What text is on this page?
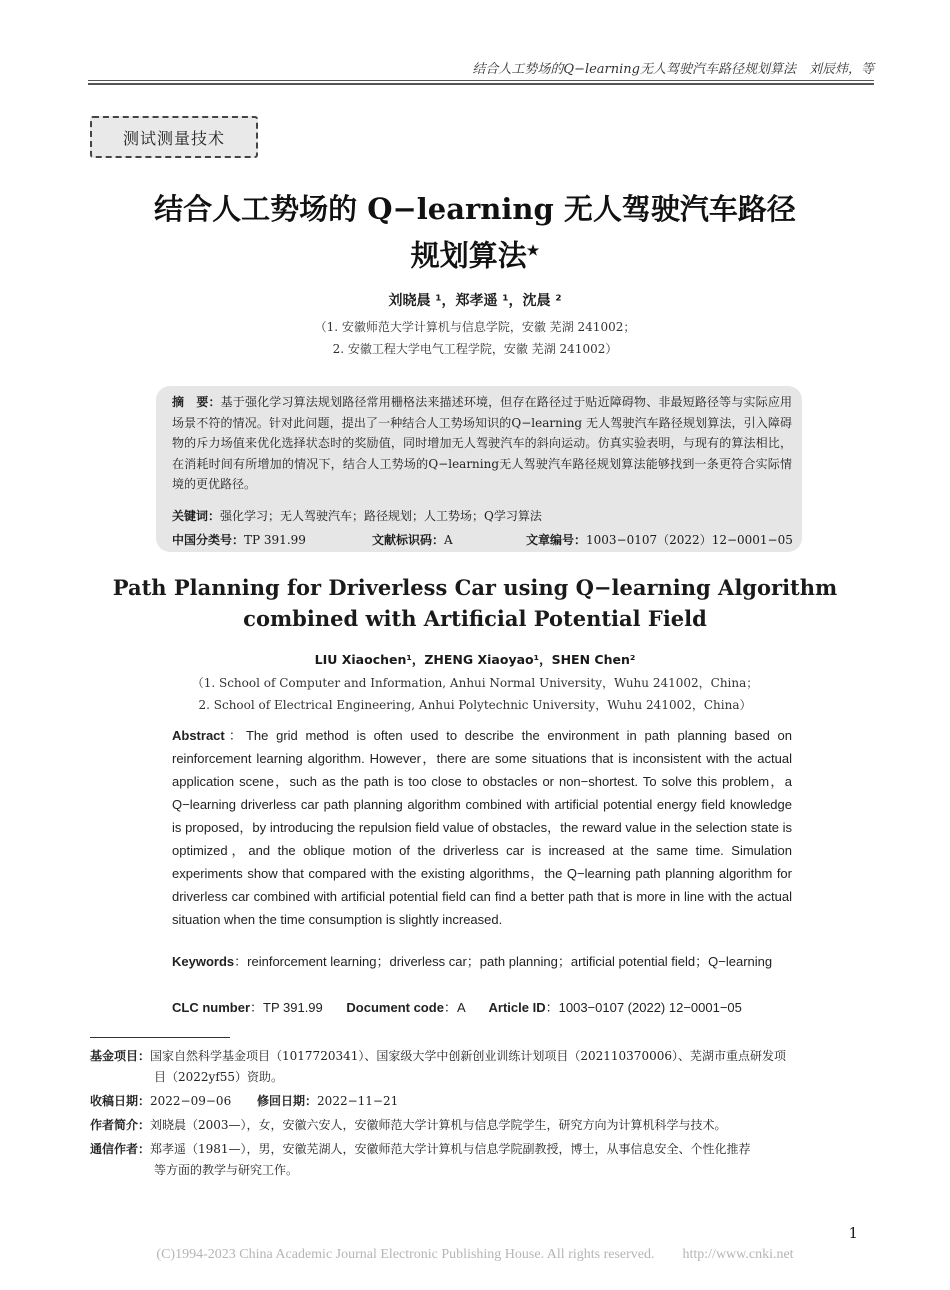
结合人工势场的Q−learning无人驾驶汽车路径规划算法　刘辰炜，等
测试测量技术
结合人工势场的 Q−learning 无人驾驶汽车路径
规划算法★
刘晓晨 ¹，郑孝遥 ¹，沈晨 ²
（1. 安徽师范大学计算机与信息学院，安徽 芜湖 241002；
2. 安徽工程大学电气工程学院，安徽 芜湖 241002）
摘　要：基于强化学习算法规划路径常用栅格法来描述环境，但存在路径过于贴近障碍物、非最短路径等与实际应用场景不符的情况。针对此问题，提出了一种结合人工势场知识的Q−learning 无人驾驶汽车路径规划算法，引入障碍物的斥力场值来优化选择状态时的奖励值，同时增加无人驾驶汽车的斜向运动。仿真实验表明，与现有的算法相比，在消耗时间有所增加的情况下，结合人工势场的Q−learning无人驾驶汽车路径规划算法能够找到一条更符合实际情境的更优路径。
关键词：强化学习；无人驾驶汽车；路径规划；人工势场；Q学习算法
中国分类号：TP 391.99	文献标识码：A	文章编号：1003−0107（2022）12−0001−05
Path Planning for Driverless Car using Q−learning Algorithm
combined with Artificial Potential Field
LIU Xiaochen¹，ZHENG Xiaoyao¹，SHEN Chen²
（1. School of Computer and Information, Anhui Normal University，Wuhu 241002，China；
2. School of Electrical Engineering, Anhui Polytechnic University，Wuhu 241002，China）
Abstract：The grid method is often used to describe the environment in path planning based on reinforcement learning algorithm. However，there are some situations that is inconsistent with the actual application scene，such as the path is too close to obstacles or non−shortest. To solve this problem，a Q−learning driverless car path planning algorithm combined with artificial potential energy field knowledge is proposed，by introducing the repulsion field value of obstacles，the reward value in the selection state is optimized，and the oblique motion of the driverless car is increased at the same time. Simulation experiments show that compared with the existing algorithms，the Q−learning path planning algorithm for driverless car combined with artificial potential field can find a better path that is more in line with the actual situation when the time consumption is slightly increased.
Keywords：reinforcement learning；driverless car；path planning；artificial potential field；Q−learning
CLC number：TP 391.99 Document code：A Article ID：1003−0107 (2022) 12−0001−05
基金项目：国家自然科学基金项目（1017720341）、国家级大学中创新创业训练计划项目（202110370006）、芜湖市重点研发项
目（2022yf55）资助。
收稿日期：2022−09−06 修回日期：2022−11−21
作者简介：刘晓晨（2003—），女，安徽六安人，安徽师范大学计算机与信息学院学生，研究方向为计算机科学与技术。
通信作者：郑孝遥（1981—），男，安徽芜湖人，安徽师范大学计算机与信息学院副教授，博士，从事信息安全、个性化推荐
等方面的教学与研究工作。
1
(C)1994-2023 China Academic Journal Electronic Publishing House. All rights reserved.　　http://www.cnki.net
